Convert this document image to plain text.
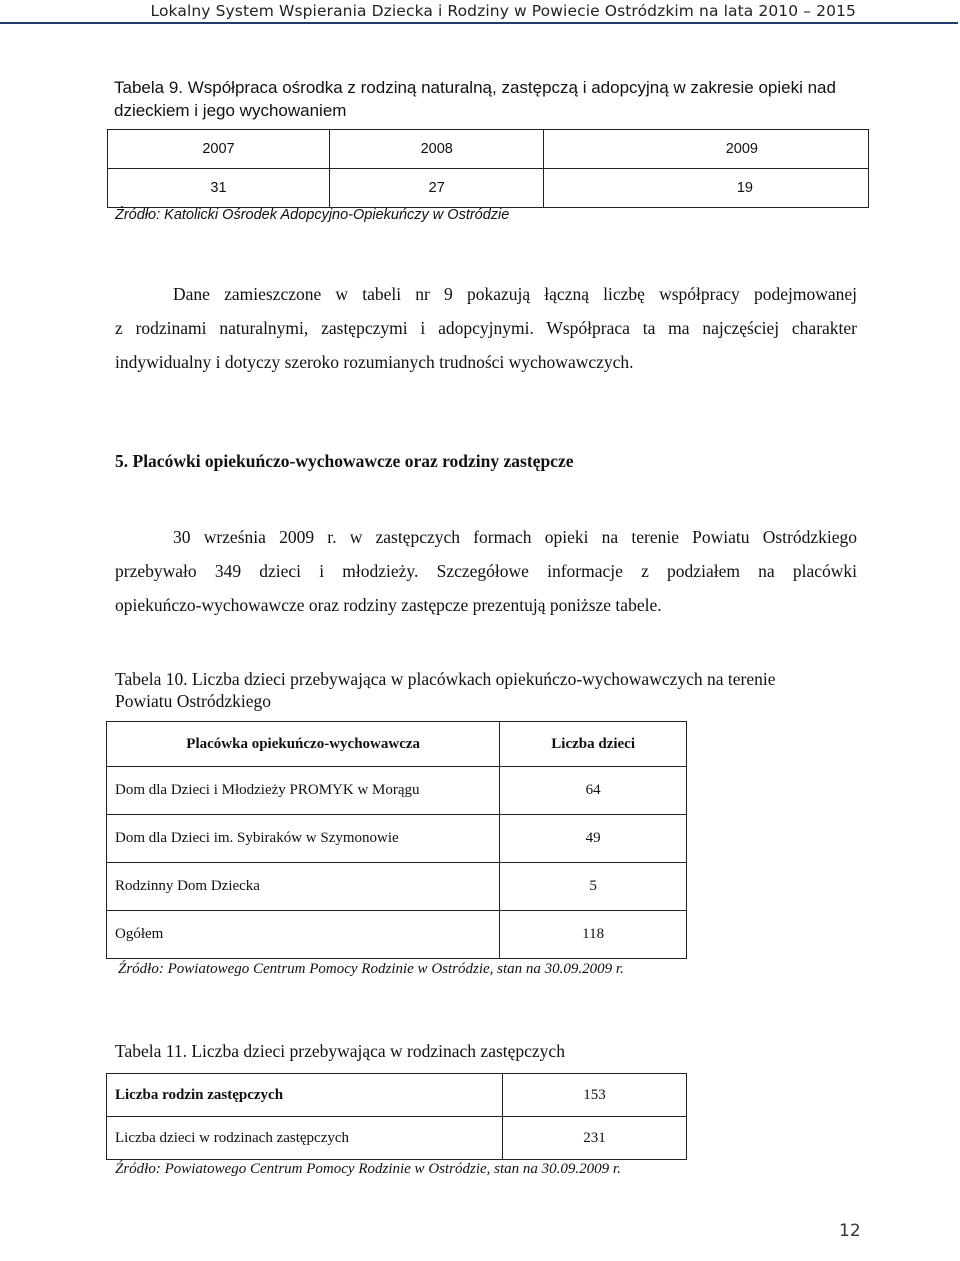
Lokalny System Wspierania Dziecka i Rodziny w Powiecie Ostródzkim na lata 2010 – 2015
Tabela 9. Współpraca ośrodka z rodziną naturalną, zastępczą i adopcyjną w zakresie opieki nad
dzieckiem i jego wychowaniem
2007	2008	2009
31	27	19
Źródło: Katolicki Ośrodek Adopcyjno-Opiekuńczy w Ostródzie
Dane zamieszczone w tabeli nr 9 pokazują łączną liczbę współpracy podejmowanej
z rodzinami naturalnymi, zastępczymi i adopcyjnymi. Współpraca ta ma najczęściej charakter
indywidualny i dotyczy szeroko rozumianych trudności wychowawczych.
5. Placówki opiekuńczo-wychowawcze oraz rodziny zastępcze
30 września 2009 r. w zastępczych formach opieki na terenie Powiatu Ostródzkiego
przebywało 349 dzieci i młodzieży. Szczegółowe informacje z podziałem na placówki
opiekuńczo-wychowawcze oraz rodziny zastępcze prezentują poniższe tabele.
Tabela 10. Liczba dzieci przebywająca w placówkach opiekuńczo-wychowawczych na terenie
Powiatu Ostródzkiego
Placówka opiekuńczo-wychowawcza	Liczba dzieci
Dom dla Dzieci i Młodzieży PROMYK w Morągu	64
Dom dla Dzieci im. Sybiraków w Szymonowie	49
Rodzinny Dom Dziecka	5
Ogółem	118
Źródło: Powiatowego Centrum Pomocy Rodzinie w Ostródzie, stan na 30.09.2009 r.
Tabela 11. Liczba dzieci przebywająca w rodzinach zastępczych
Liczba rodzin zastępczych	153
Liczba dzieci w rodzinach zastępczych	231
Źródło: Powiatowego Centrum Pomocy Rodzinie w Ostródzie, stan na 30.09.2009 r.
12
